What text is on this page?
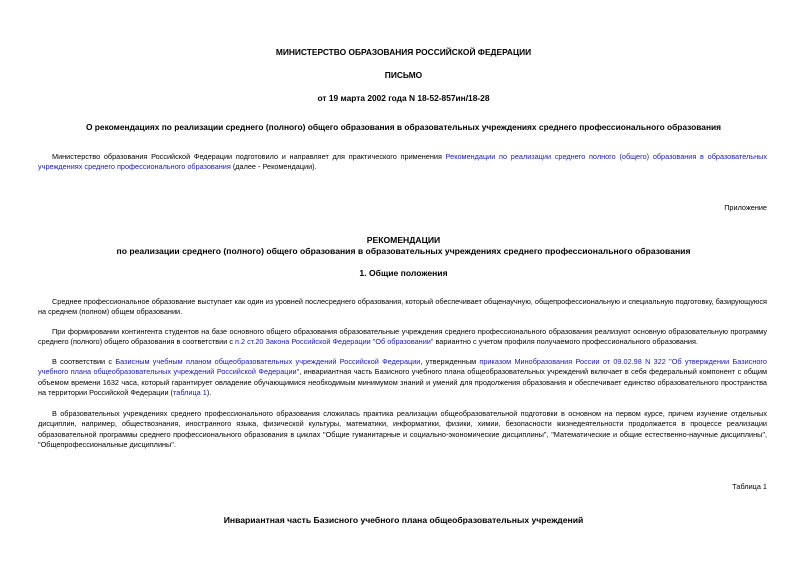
МИНИСТЕРСТВО ОБРАЗОВАНИЯ РОССИЙСКОЙ ФЕДЕРАЦИИ
ПИСЬМО
от 19 марта 2002 года N 18-52-857ин/18-28
О рекомендациях по реализации среднего (полного) общего образования в образовательных учреждениях среднего профессионального образования
Министерство образования Российской Федерации подготовило и направляет для практического применения Рекомендации по реализации среднего полного (общего) образования в образовательных учреждениях среднего профессионального образования (далее - Рекомендации).
Приложение
РЕКОМЕНДАЦИИ
по реализации среднего (полного) общего образования в образовательных учреждениях среднего профессионального образования
1. Общие положения
Среднее профессиональное образование выступает как один из уровней послесреднего образования, который обеспечивает общенаучную, общепрофессиональную и специальную подготовку, базирующуюся на среднем (полном) общем образовании.
При формировании контингента студентов на базе основного общего образования образовательные учреждения среднего профессионального образования реализуют основную образовательную программу среднего (полного) общего образования в соответствии с п.2 ст.20 Закона Российской Федерации "Об образовании" вариантно с учетом профиля получаемого профессионального образования.
В соответствии с Базисным учебным планом общеобразовательных учреждений Российской Федерации, утвержденным приказом Минобразования России от 09.02.98 N 322 "Об утверждении Базисного учебного плана общеобразовательных учреждений Российской Федерации", инвариантная часть Базисного учебного плана общеобразовательных учреждений включает в себя федеральный компонент с общим объемом времени 1632 часа, который гарантирует овладение обучающимися необходимым минимумом знаний и умений для продолжения образования и обеспечивает единство образовательного пространства на территории Российской Федерации (таблица 1).
В образовательных учреждениях среднего профессионального образования сложилась практика реализации общеобразовательной подготовки в основном на первом курсе, причем изучение отдельных дисциплин, например, обществознания, иностранного языка, физической культуры, математики, информатики, физики, химии, безопасности жизнедеятельности продолжается в процессе реализации образовательной программы среднего профессионального образования в циклах "Общие гуманитарные и социально-экономические дисциплины", "Математические и общие естественно-научные дисциплины", "Общепрофессиональные дисциплины".
Таблица 1
Инвариантная часть Базисного учебного плана общеобразовательных учреждений
